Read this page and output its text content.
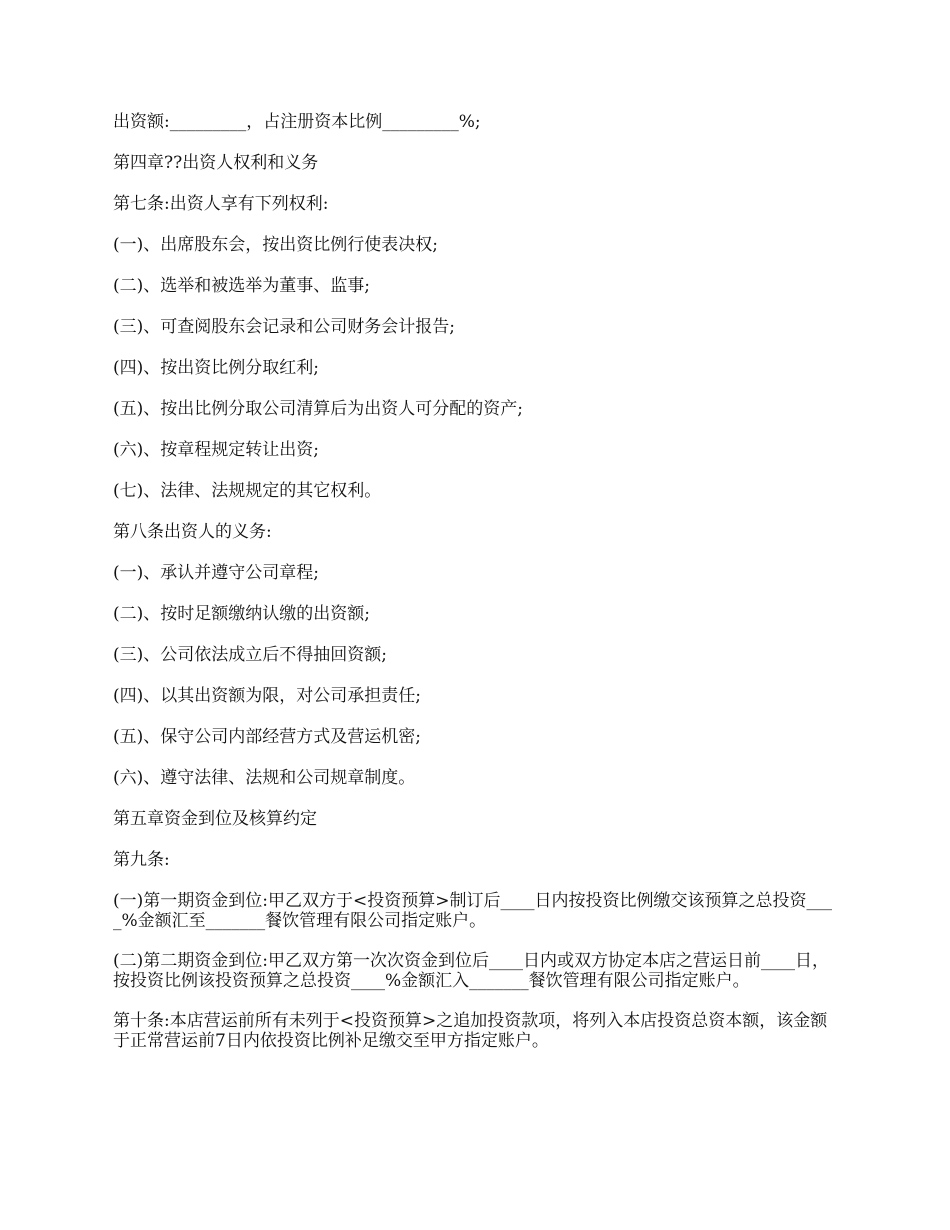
出资额:_________，占注册资本比例_________%;

第四章??出资人权利和义务

第七条:出资人享有下列权利:

(一)、出席股东会，按出资比例行使表决权;

(二)、选举和被选举为董事、监事;

(三)、可查阅股东会记录和公司财务会计报告;

(四)、按出资比例分取红利;

(五)、按出比例分取公司清算后为出资人可分配的资产;

(六)、按章程规定转让出资;

(七)、法律、法规规定的其它权利。

第八条出资人的义务:

(一)、承认并遵守公司章程;

(二)、按时足额缴纳认缴的出资额;

(三)、公司依法成立后不得抽回资额;

(四)、以其出资额为限，对公司承担责任;

(五)、保守公司内部经营方式及营运机密;

(六)、遵守法律、法规和公司规章制度。

第五章资金到位及核算约定

第九条:

(一)第一期资金到位:甲乙双方于<投资预算>制订后____日内按投资比例缴交该预算之总投资____%金额汇至_______餐饮管理有限公司指定账户。

(二)第二期资金到位:甲乙双方第一次次资金到位后____日内或双方协定本店之营运日前____日，按投资比例该投资预算之总投资____%金额汇入_______餐饮管理有限公司指定账户。

第十条:本店营运前所有未列于<投资预算>之追加投资款项，将列入本店投资总资本额，该金额于正常营运前7日内依投资比例补足缴交至甲方指定账户。
